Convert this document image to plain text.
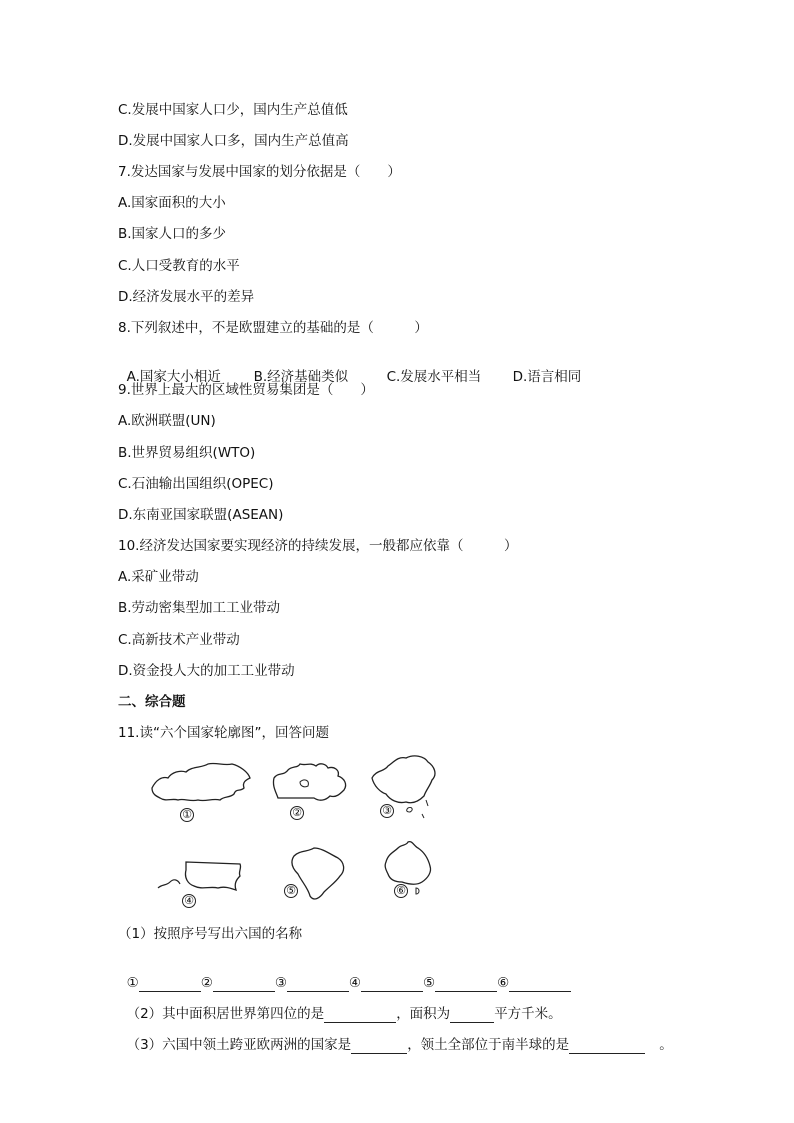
C.发展中国家人口少，国内生产总值低
D.发展中国家人口多，国内生产总值高
7.发达国家与发展中国家的划分依据是（　　）
A.国家面积的大小
B.国家人口的多少
C.人口受教育的水平
D.经济发展水平的差异
8.下列叙述中，不是欧盟建立的基础的是（　　　）

A.国家大小相近 B.经济基础类似	C.发展水平相当 D.语言相同

9.世界上最大的区域性贸易集团是（　　）
A.欧洲联盟(UN)
B.世界贸易组织(WTO)
C.石油输出国组织(OPEC)
D.东南亚国家联盟(ASEAN)
10.经济发达国家要实现经济的持续发展，一般都应依靠（　　　）
A.采矿业带动
B.劳动密集型加工工业带动
C.高新技术产业带动
D.资金投人大的加工工业带动
二、综合题
11.读“六个国家轮廓图”，回答问题
①	②	③
④
⑤	⑥
（1）按照序号写出六国的名称

①	②	③	④	⑤	⑥

（2）其中面积居世界第四位的是	，面积为	平方千米。

（3）六国中领土跨亚欧两洲的国家是	，领土全部位于南半球的是	。
